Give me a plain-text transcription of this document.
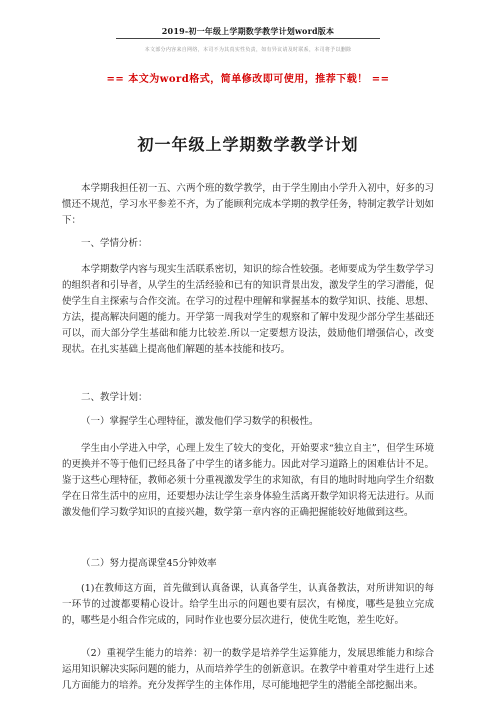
2019-初一年级上学期数学教学计划word版本
本文部分内容来自网络，本司不为其真实性负责，如有异议请及时联系，本司将予以删除
== 本文为word格式，简单修改即可使用，推荐下载！ ==
初一年级上学期数学教学计划

本学期我担任初一五、六两个班的数学教学，由于学生刚由小学升入初中，好多的习惯还不规范，学习水平参差不齐，为了能顾利完成本学期的教学任务，特制定教学计划如下：

一、学情分析：

本学期数学内容与现实生活联系密切，知识的综合性较强。老师要成为学生数学学习的组织者和引导者，从学生的生活经验和已有的知识背景出发，激发学生的学习潜能，促使学生自主探索与合作交流。在学习的过程中理解和掌握基本的数学知识、技能、思想、方法，提高解决问题的能力。开学第一周我对学生的观察和了解中发现少部分学生基础还可以，而大部分学生基础和能力比较差.所以一定要想方设法，鼓励他们增强信心，改变现状。在扎实基础上提高他们解题的基本技能和技巧。

二、教学计划：

（一）掌握学生心理特征，激发他们学习数学的积极性。

学生由小学进入中学，心理上发生了较大的变化，开始要求“独立自主”，但学生环境的更换并不等于他们已经具备了中学生的诸多能力。因此对学习道路上的困难估计不足。鉴于这些心理特征，教师必须十分重视激发学生的求知欲，有目的地时时地向学生介绍数学在日常生活中的应用，还要想办法让学生亲身体验生活离开数学知识将无法进行。从而激发他们学习数学知识的直接兴趣，数学第一章内容的正确把握能较好地做到这些。

（二）努力提高课堂45分钟效率

(1)在教师这方面，首先做到认真备课，认真备学生，认真备教法，对所讲知识的每一环节的过渡都要精心设计。给学生出示的问题也要有层次，有梯度，哪些是独立完成的，哪些是小组合作完成的，同时作业也要分层次进行，使优生吃饱，差生吃好。

（2）重视学生能力的培养：初一的数学是培养学生运算能力，发展思维能力和综合运用知识解决实际问题的能力，从而培养学生的创新意识。在教学中着重对学生进行上述几方面能力的培养。充分发挥学生的主体作用，尽可能地把学生的潜能全部挖掘出来。
